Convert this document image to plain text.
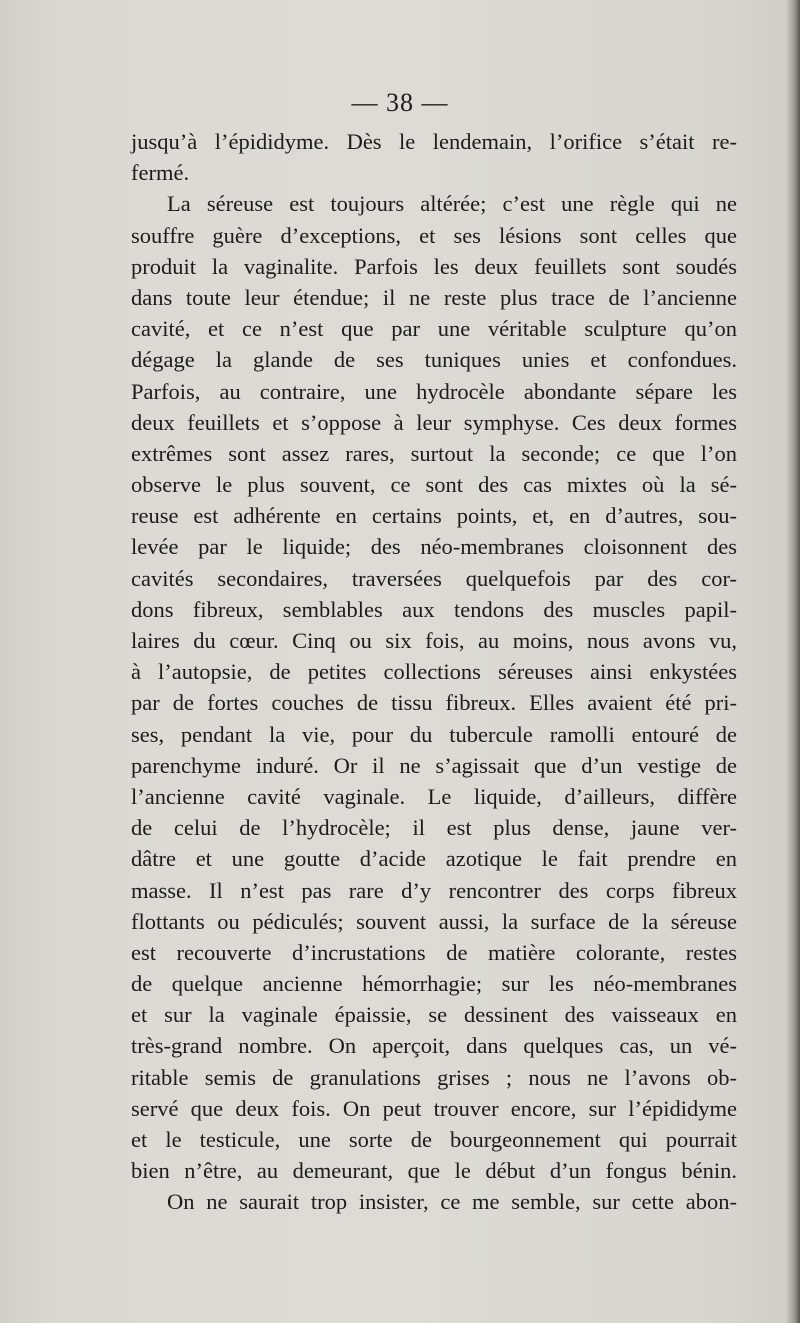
— 38 —

jusqu’à l’épididyme. Dès le lendemain, l’orifice s’était re-
fermé.
La séreuse est toujours altérée; c’est une règle qui ne
souffre guère d’exceptions, et ses lésions sont celles que
produit la vaginalite. Parfois les deux feuillets sont soudés
dans toute leur étendue; il ne reste plus trace de l’ancienne
cavité, et ce n’est que par une véritable sculpture qu’on
dégage la glande de ses tuniques unies et confondues.
Parfois, au contraire, une hydrocèle abondante sépare les
deux feuillets et s’oppose à leur symphyse. Ces deux formes
extrêmes sont assez rares, surtout la seconde; ce que l’on
observe le plus souvent, ce sont des cas mixtes où la sé-
reuse est adhérente en certains points, et, en d’autres, sou-
levée par le liquide; des néo-membranes cloisonnent des
cavités secondaires, traversées quelquefois par des cor-
dons fibreux, semblables aux tendons des muscles papil-
laires du cœur. Cinq ou six fois, au moins, nous avons vu,
à l’autopsie, de petites collections séreuses ainsi enkystées
par de fortes couches de tissu fibreux. Elles avaient été pri-
ses, pendant la vie, pour du tubercule ramolli entouré de
parenchyme induré. Or il ne s’agissait que d’un vestige de
l’ancienne cavité vaginale. Le liquide, d’ailleurs, diffère
de celui de l’hydrocèle; il est plus dense, jaune ver-
dâtre et une goutte d’acide azotique le fait prendre en
masse. Il n’est pas rare d’y rencontrer des corps fibreux
flottants ou pédiculés; souvent aussi, la surface de la séreuse
est recouverte d’incrustations de matière colorante, restes
de quelque ancienne hémorrhagie; sur les néo-membranes
et sur la vaginale épaissie, se dessinent des vaisseaux en
très-grand nombre. On aperçoit, dans quelques cas, un vé-
ritable semis de granulations grises ; nous ne l’avons ob-
servé que deux fois. On peut trouver encore, sur l’épididyme
et le testicule, une sorte de bourgeonnement qui pourrait
bien n’être, au demeurant, que le début d’un fongus bénin.
On ne saurait trop insister, ce me semble, sur cette abon-
